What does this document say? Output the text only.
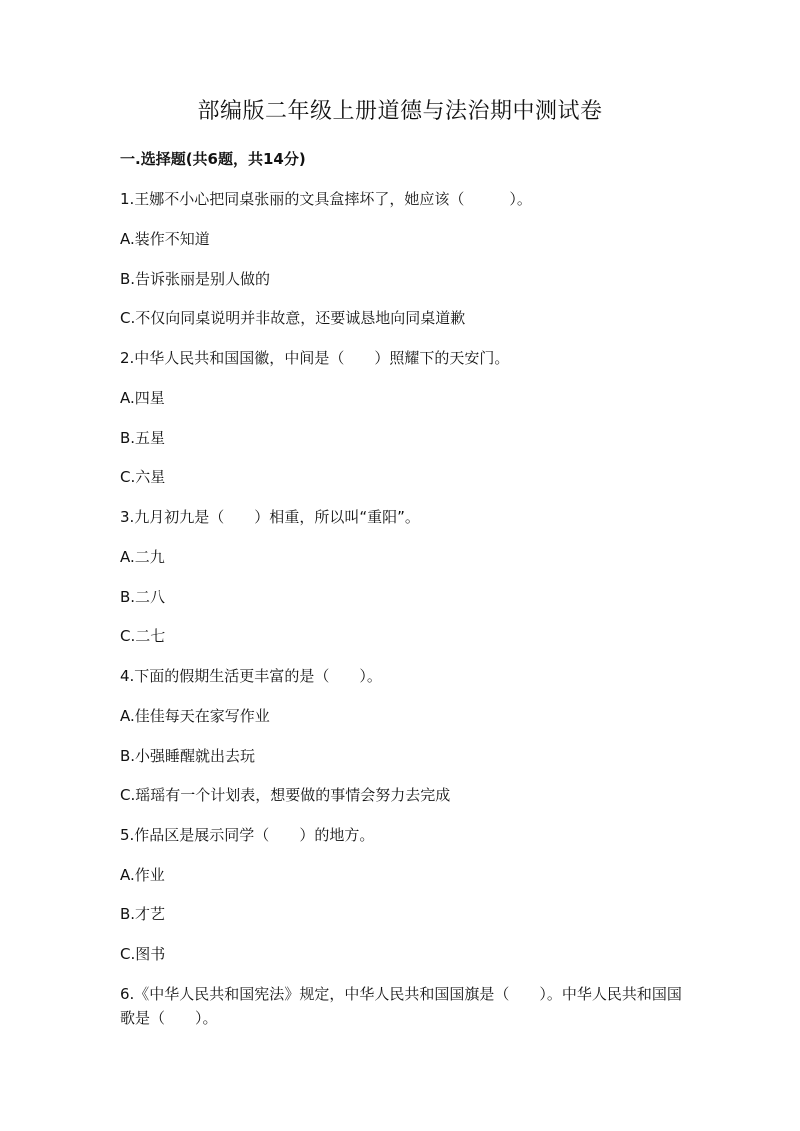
部编版二年级上册道德与法治期中测试卷
一.选择题(共6题，共14分)
1.王娜不小心把同桌张丽的文具盒摔坏了，她应该（　　　）。
A.装作不知道
B.告诉张丽是别人做的
C.不仅向同桌说明并非故意，还要诚恳地向同桌道歉
2.中华人民共和国国徽，中间是（　　）照耀下的天安门。
A.四星
B.五星
C.六星
3.九月初九是（　　）相重，所以叫“重阳”。
A.二九
B.二八
C.二七
4.下面的假期生活更丰富的是（　　）。
A.佳佳每天在家写作业
B.小强睡醒就出去玩
C.瑶瑶有一个计划表，想要做的事情会努力去完成
5.作品区是展示同学（　　）的地方。
A.作业
B.才艺
C.图书
6.《中华人民共和国宪法》规定，中华人民共和国国旗是（　　）。中华人民共和国国歌是（　　）。
